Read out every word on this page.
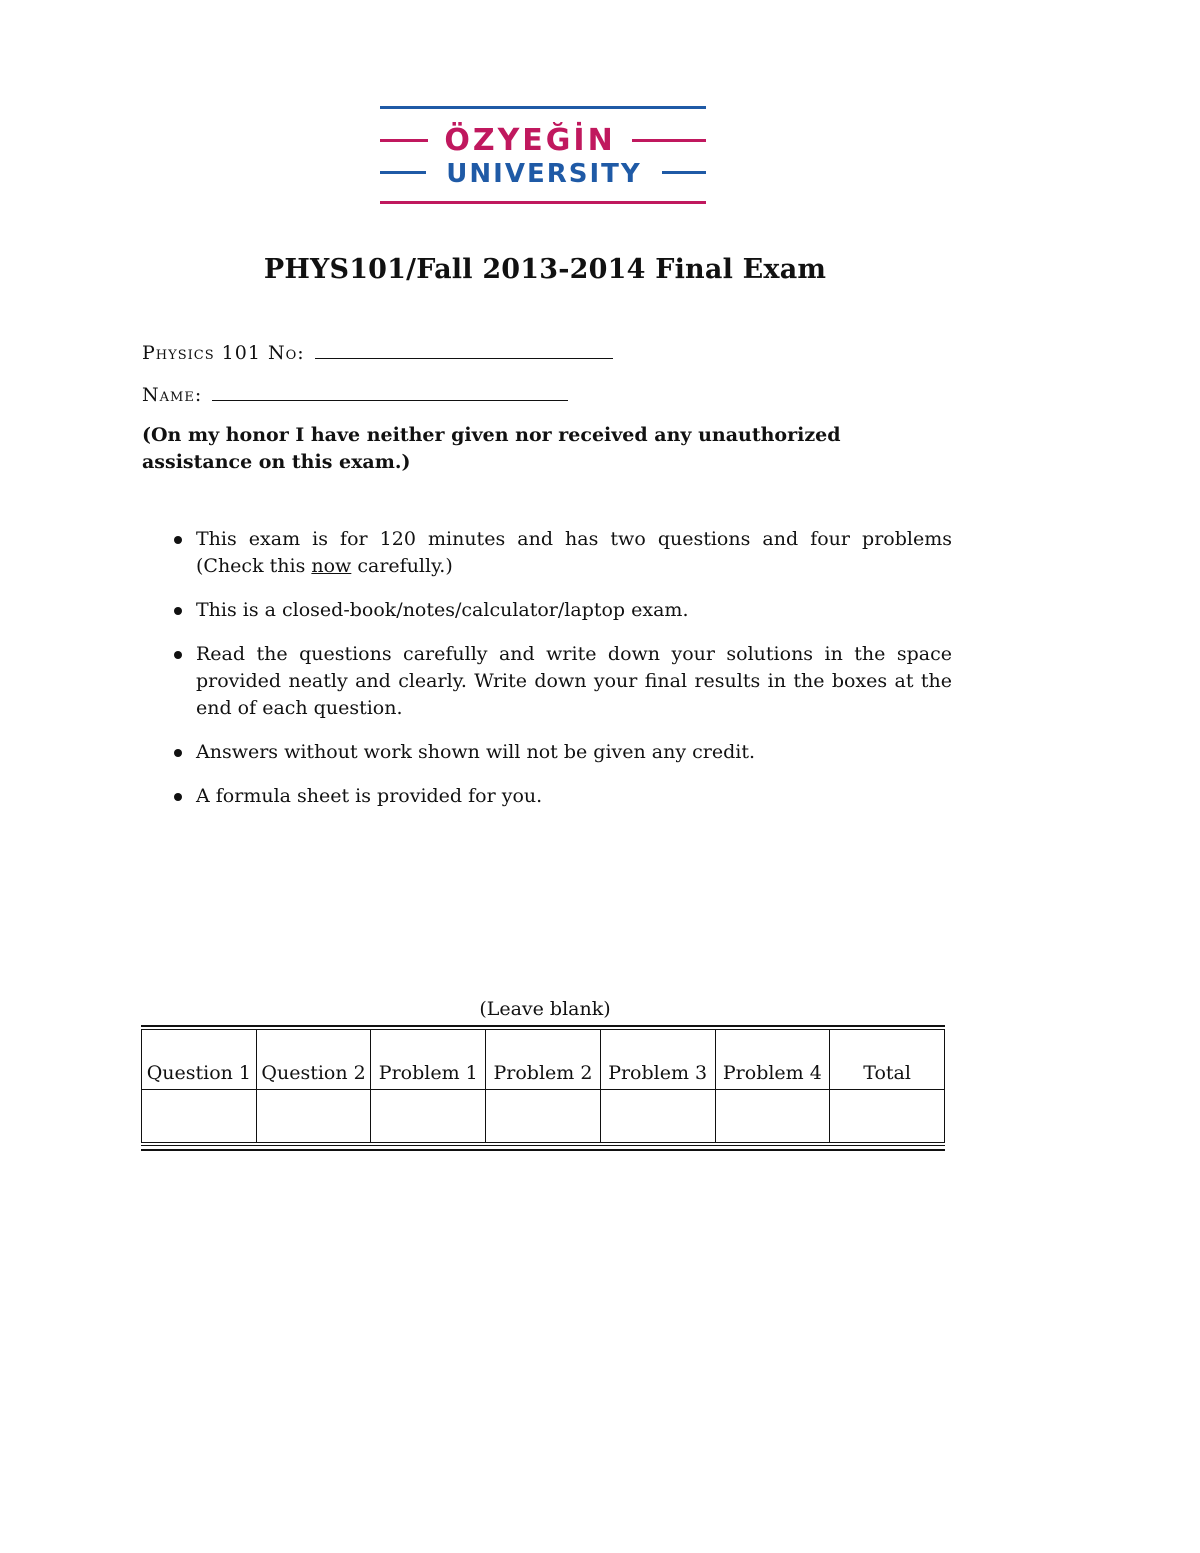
ÖZYEĞİN
UNIVERSITY
PHYS101/Fall 2013-2014 Final Exam
Physics 101 No:
Name:
(On my honor I have neither given nor received any unauthorized assistance on this exam.)
This exam is for 120 minutes and has two questions and four problems (Check this now carefully.)
This is a closed-book/notes/calculator/laptop exam.
Read the questions carefully and write down your solutions in the space provided neatly and clearly. Write down your final results in the boxes at the end of each question.
Answers without work shown will not be given any credit.
A formula sheet is provided for you.
(Leave blank)
Question 1	Question 2	Problem 1	Problem 2	Problem 3	Problem 4	Total
